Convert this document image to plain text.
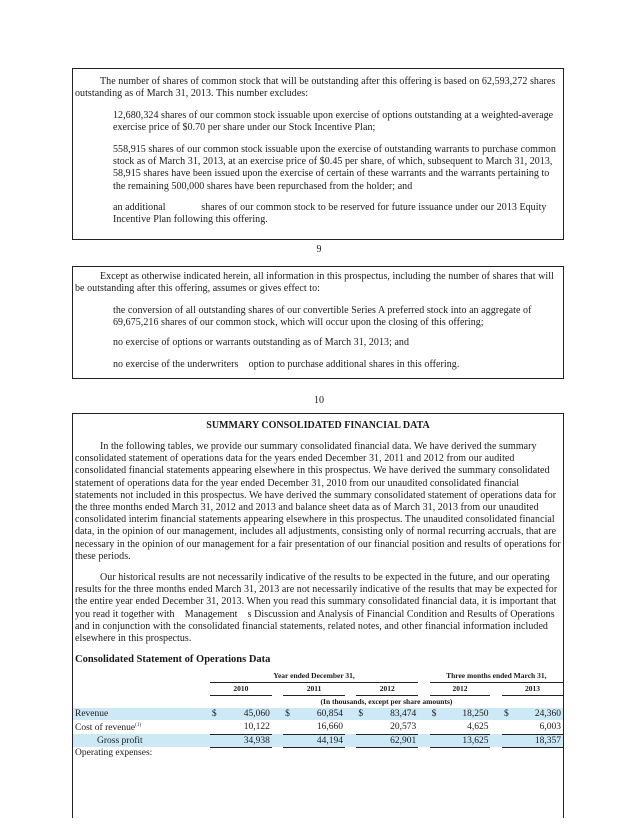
The number of shares of common stock that will be outstanding after this offering is based on 62,593,272 shares outstanding as of March 31, 2013. This number excludes:

12,680,324 shares of our common stock issuable upon exercise of options outstanding at a weighted-average exercise price of $0.70 per share under our Stock Incentive Plan;

558,915 shares of our common stock issuable upon the exercise of outstanding warrants to purchase common stock as of March 31, 2013, at an exercise price of $0.45 per share, of which, subsequent to March 31, 2013, 58,915 shares have been issued upon the exercise of certain of these warrants and the warrants pertaining to the remaining 500,000 shares have been repurchased from the holder; and

an additional              shares of our common stock to be reserved for future issuance under our 2013 Equity Incentive Plan following this offering.

9

Except as otherwise indicated herein, all information in this prospectus, including the number of shares that will be outstanding after this offering, assumes or gives effect to:

the conversion of all outstanding shares of our convertible Series A preferred stock into an aggregate of 69,675,216 shares of our common stock, which will occur upon the closing of this offering;

no exercise of options or warrants outstanding as of March 31, 2013; and

no exercise of the underwriters    option to purchase additional shares in this offering.

10
SUMMARY CONSOLIDATED FINANCIAL DATA

In the following tables, we provide our summary consolidated financial data. We have derived the summary consolidated statement of operations data for the years ended December 31, 2011 and 2012 from our audited consolidated financial statements appearing elsewhere in this prospectus. We have derived the summary consolidated statement of operations data for the year ended December 31, 2010 from our unaudited consolidated financial statements not included in this prospectus. We have derived the summary consolidated statement of operations data for the three months ended March 31, 2012 and 2013 and balance sheet data as of March 31, 2013 from our unaudited consolidated interim financial statements appearing elsewhere in this prospectus. The unaudited consolidated financial data, in the opinion of our management, includes all adjustments, consisting only of normal recurring accruals, that are necessary in the opinion of our management for a fair presentation of our financial position and results of operations for these periods.

Our historical results are not necessarily indicative of the results to be expected in the future, and our operating results for the three months ended March 31, 2013 are not necessarily indicative of the results that may be expected for the entire year ended December 31, 2013. When you read this summary consolidated financial data, it is important that you read it together with    Management    s Discussion and Analysis of Financial Condition and Results of Operations     and in conjunction with the consolidated financial statements, related notes, and other financial information included elsewhere in this prospectus.

Consolidated Statement of Operations Data
	Year ended December 31,									Three months ended March 31,				
	2010			2011			2012			2012			2013	
	(In thousands, except per share amounts)													
Revenue	$	45,060		$	60,854		$	83,474		$	18,250		$	24,360
Cost of revenue$^{(1)}$		10,122			16,660			20,573			4,625			6,003
Gross profit		34,938			44,194			62,901			13,625			18,357
Operating expenses:														
